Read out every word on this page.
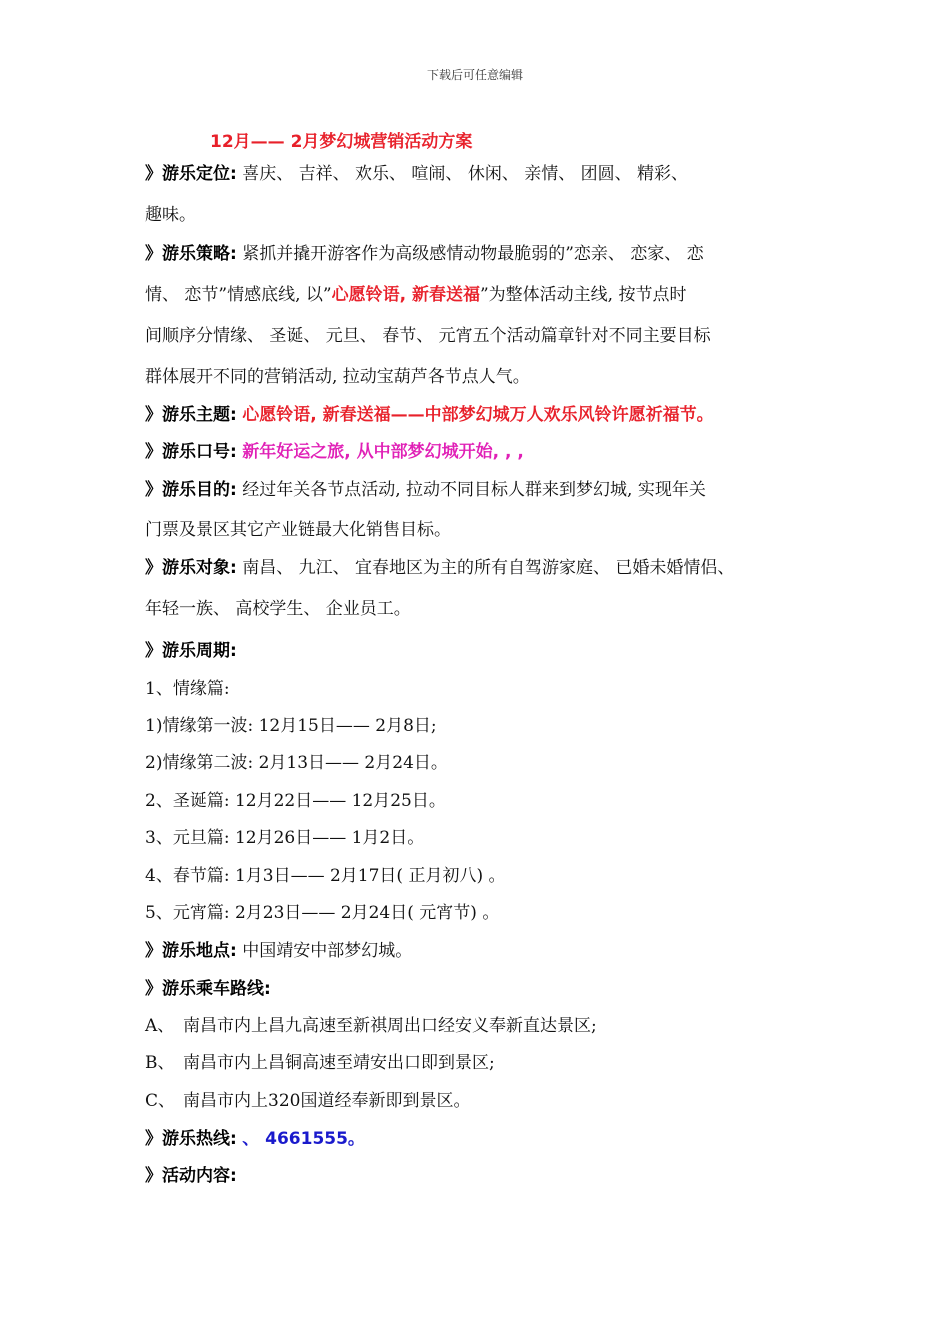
下载后可任意编辑
12月—— 2月梦幻城营销活动方案
》游乐定位: 喜庆、 吉祥、 欢乐、 喧闹、 休闲、 亲情、 团圆、 精彩、
趣味。
》游乐策略: 紧抓并撬开游客作为高级感情动物最脆弱的”恋亲、 恋家、 恋
情、 恋节”情感底线, 以”心愿铃语, 新春送福”为整体活动主线, 按节点时
间顺序分情缘、 圣诞、 元旦、 春节、 元宵五个活动篇章针对不同主要目标
群体展开不同的营销活动, 拉动宝葫芦各节点人气。
》游乐主题: 心愿铃语, 新春送福——中部梦幻城万人欢乐风铃许愿祈福节。
》游乐口号: 新年好运之旅, 从中部梦幻城开始, , ,
》游乐目的: 经过年关各节点活动, 拉动不同目标人群来到梦幻城, 实现年关
门票及景区其它产业链最大化销售目标。
》游乐对象: 南昌、 九江、 宜春地区为主的所有自驾游家庭、 已婚未婚情侣、
年轻一族、 高校学生、 企业员工。
》游乐周期:
1、情缘篇:
1)情缘第一波: 12月15日—— 2月8日;
2)情缘第二波: 2月13日—— 2月24日。
2、圣诞篇: 12月22日—— 12月25日。
3、元旦篇: 12月26日—— 1月2日。
4、春节篇: 1月3日—— 2月17日( 正月初八) 。
5、元宵篇: 2月23日—— 2月24日( 元宵节) 。
》游乐地点: 中国靖安中部梦幻城。
》游乐乘车路线:
A、 南昌市内上昌九高速至新祺周出口经安义奉新直达景区;
B、 南昌市内上昌铜高速至靖安出口即到景区;
C、 南昌市内上320国道经奉新即到景区。
》游乐热线: 、 4661555。
》活动内容:
